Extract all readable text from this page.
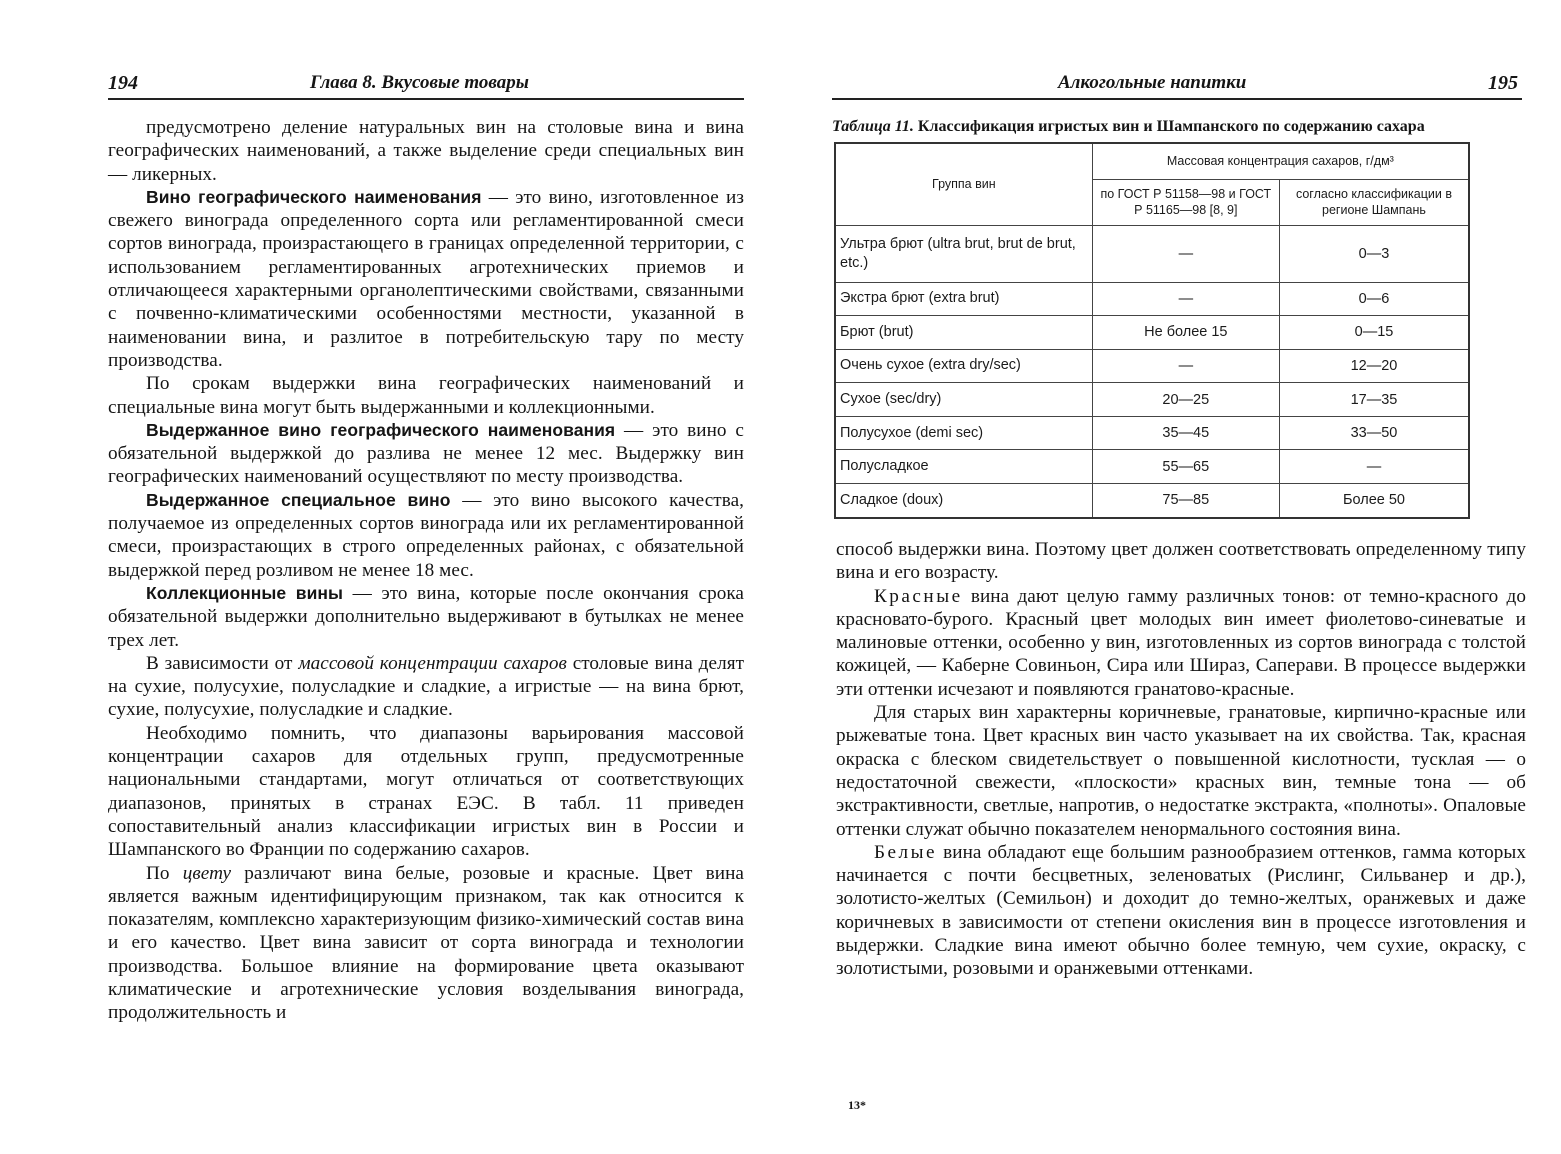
194	Глава 8. Вкусовые товары

предусмотрено деление натуральных вин на столовые вина и вина географических наименований, а также выделение среди специальных вин — ликерных.

Вино географического наименования — это вино, изготовленное из свежего винограда определенного сорта или регламентированной смеси сортов винограда, произрастающего в границах определенной территории, с использованием регламентированных агротехнических приемов и отличающееся характерными органолептическими свойствами, связанными с почвенно-климатическими особенностями местности, указанной в наименовании вина, и разлитое в потребительскую тару по месту производства.

По срокам выдержки вина географических наименований и специальные вина могут быть выдержанными и коллекционными.

Выдержанное вино географического наименования — это вино с обязательной выдержкой до разлива не менее 12 мес. Выдержку вин географических наименований осуществляют по месту производства.

Выдержанное специальное вино — это вино высокого качества, получаемое из определенных сортов винограда или их регламентированной смеси, произрастающих в строго определенных районах, с обязательной выдержкой перед розливом не менее 18 мес.

Коллекционные вины — это вина, которые после окончания срока обязательной выдержки дополнительно выдерживают в бутылках не менее трех лет.

В зависимости от массовой концентрации сахаров столовые вина делят на сухие, полусухие, полусладкие и сладкие, а игристые — на вина брют, сухие, полусухие, полусладкие и сладкие.

Необходимо помнить, что диапазоны варьирования массовой концентрации сахаров для отдельных групп, предусмотренные национальными стандартами, могут отличаться от соответствующих диапазонов, принятых в странах ЕЭС. В табл. 11 приведен сопоставительный анализ классификации игристых вин в России и Шампанского во Франции по содержанию сахаров.

По цвету различают вина белые, розовые и красные. Цвет вина является важным идентифицирующим признаком, так как относится к показателям, комплексно характеризующим физико-химический состав вина и его качество. Цвет вина зависит от сорта винограда и технологии производства. Большое влияние на формирование цвета оказывают климатические и агротехнические условия возделывания винограда, продолжительность и

Алкогольные напитки	195
Таблица 11. Классификация игристых вин и Шампанского по содержанию сахара
Группа вин	Массовая концентрация сахаров, г/дм³	
	по ГОСТ Р 51158—98 и ГОСТ Р 51165—98 [8, 9]	согласно классификации в регионе Шампань
Ультра брют (ultra brut, brut de brut, etc.)	—	0—3
Экстра брют (extra brut)	—	0—6
Брют (brut)	Не более 15	0—15
Очень сухое (extra dry/sec)	—	12—20
Сухое (sec/dry)	20—25	17—35
Полусухое (demi sec)	35—45	33—50
Полусладкое	55—65	—
Сладкое (doux)	75—85	Более 50

способ выдержки вина. Поэтому цвет должен соответствовать определенному типу вина и его возрасту.

Красные вина дают целую гамму различных тонов: от темно-красного до красновато-бурого. Красный цвет молодых вин имеет фиолетово-синеватые и малиновые оттенки, особенно у вин, изготовленных из сортов винограда с толстой кожицей, — Каберне Совиньон, Сира или Шираз, Саперави. В процессе выдержки эти оттенки исчезают и появляются гранатово-красные.

Для старых вин характерны коричневые, гранатовые, кирпично-красные или рыжеватые тона. Цвет красных вин часто указывает на их свойства. Так, красная окраска с блеском свидетельствует о повышенной кислотности, тусклая — о недостаточной свежести, «плоскости» красных вин, темные тона — об экстрактивности, светлые, напротив, о недостатке экстракта, «полноты». Опаловые оттенки служат обычно показателем ненормального состояния вина.

Белые вина обладают еще большим разнообразием оттенков, гамма которых начинается с почти бесцветных, зеленоватых (Рислинг, Сильванер и др.), золотисто-желтых (Семильон) и доходит до темно-желтых, оранжевых и даже коричневых в зависимости от степени окисления вин в процессе изготовления и выдержки. Сладкие вина имеют обычно более темную, чем сухие, окраску, с золотистыми, розовыми и оранжевыми оттенками.

13*
